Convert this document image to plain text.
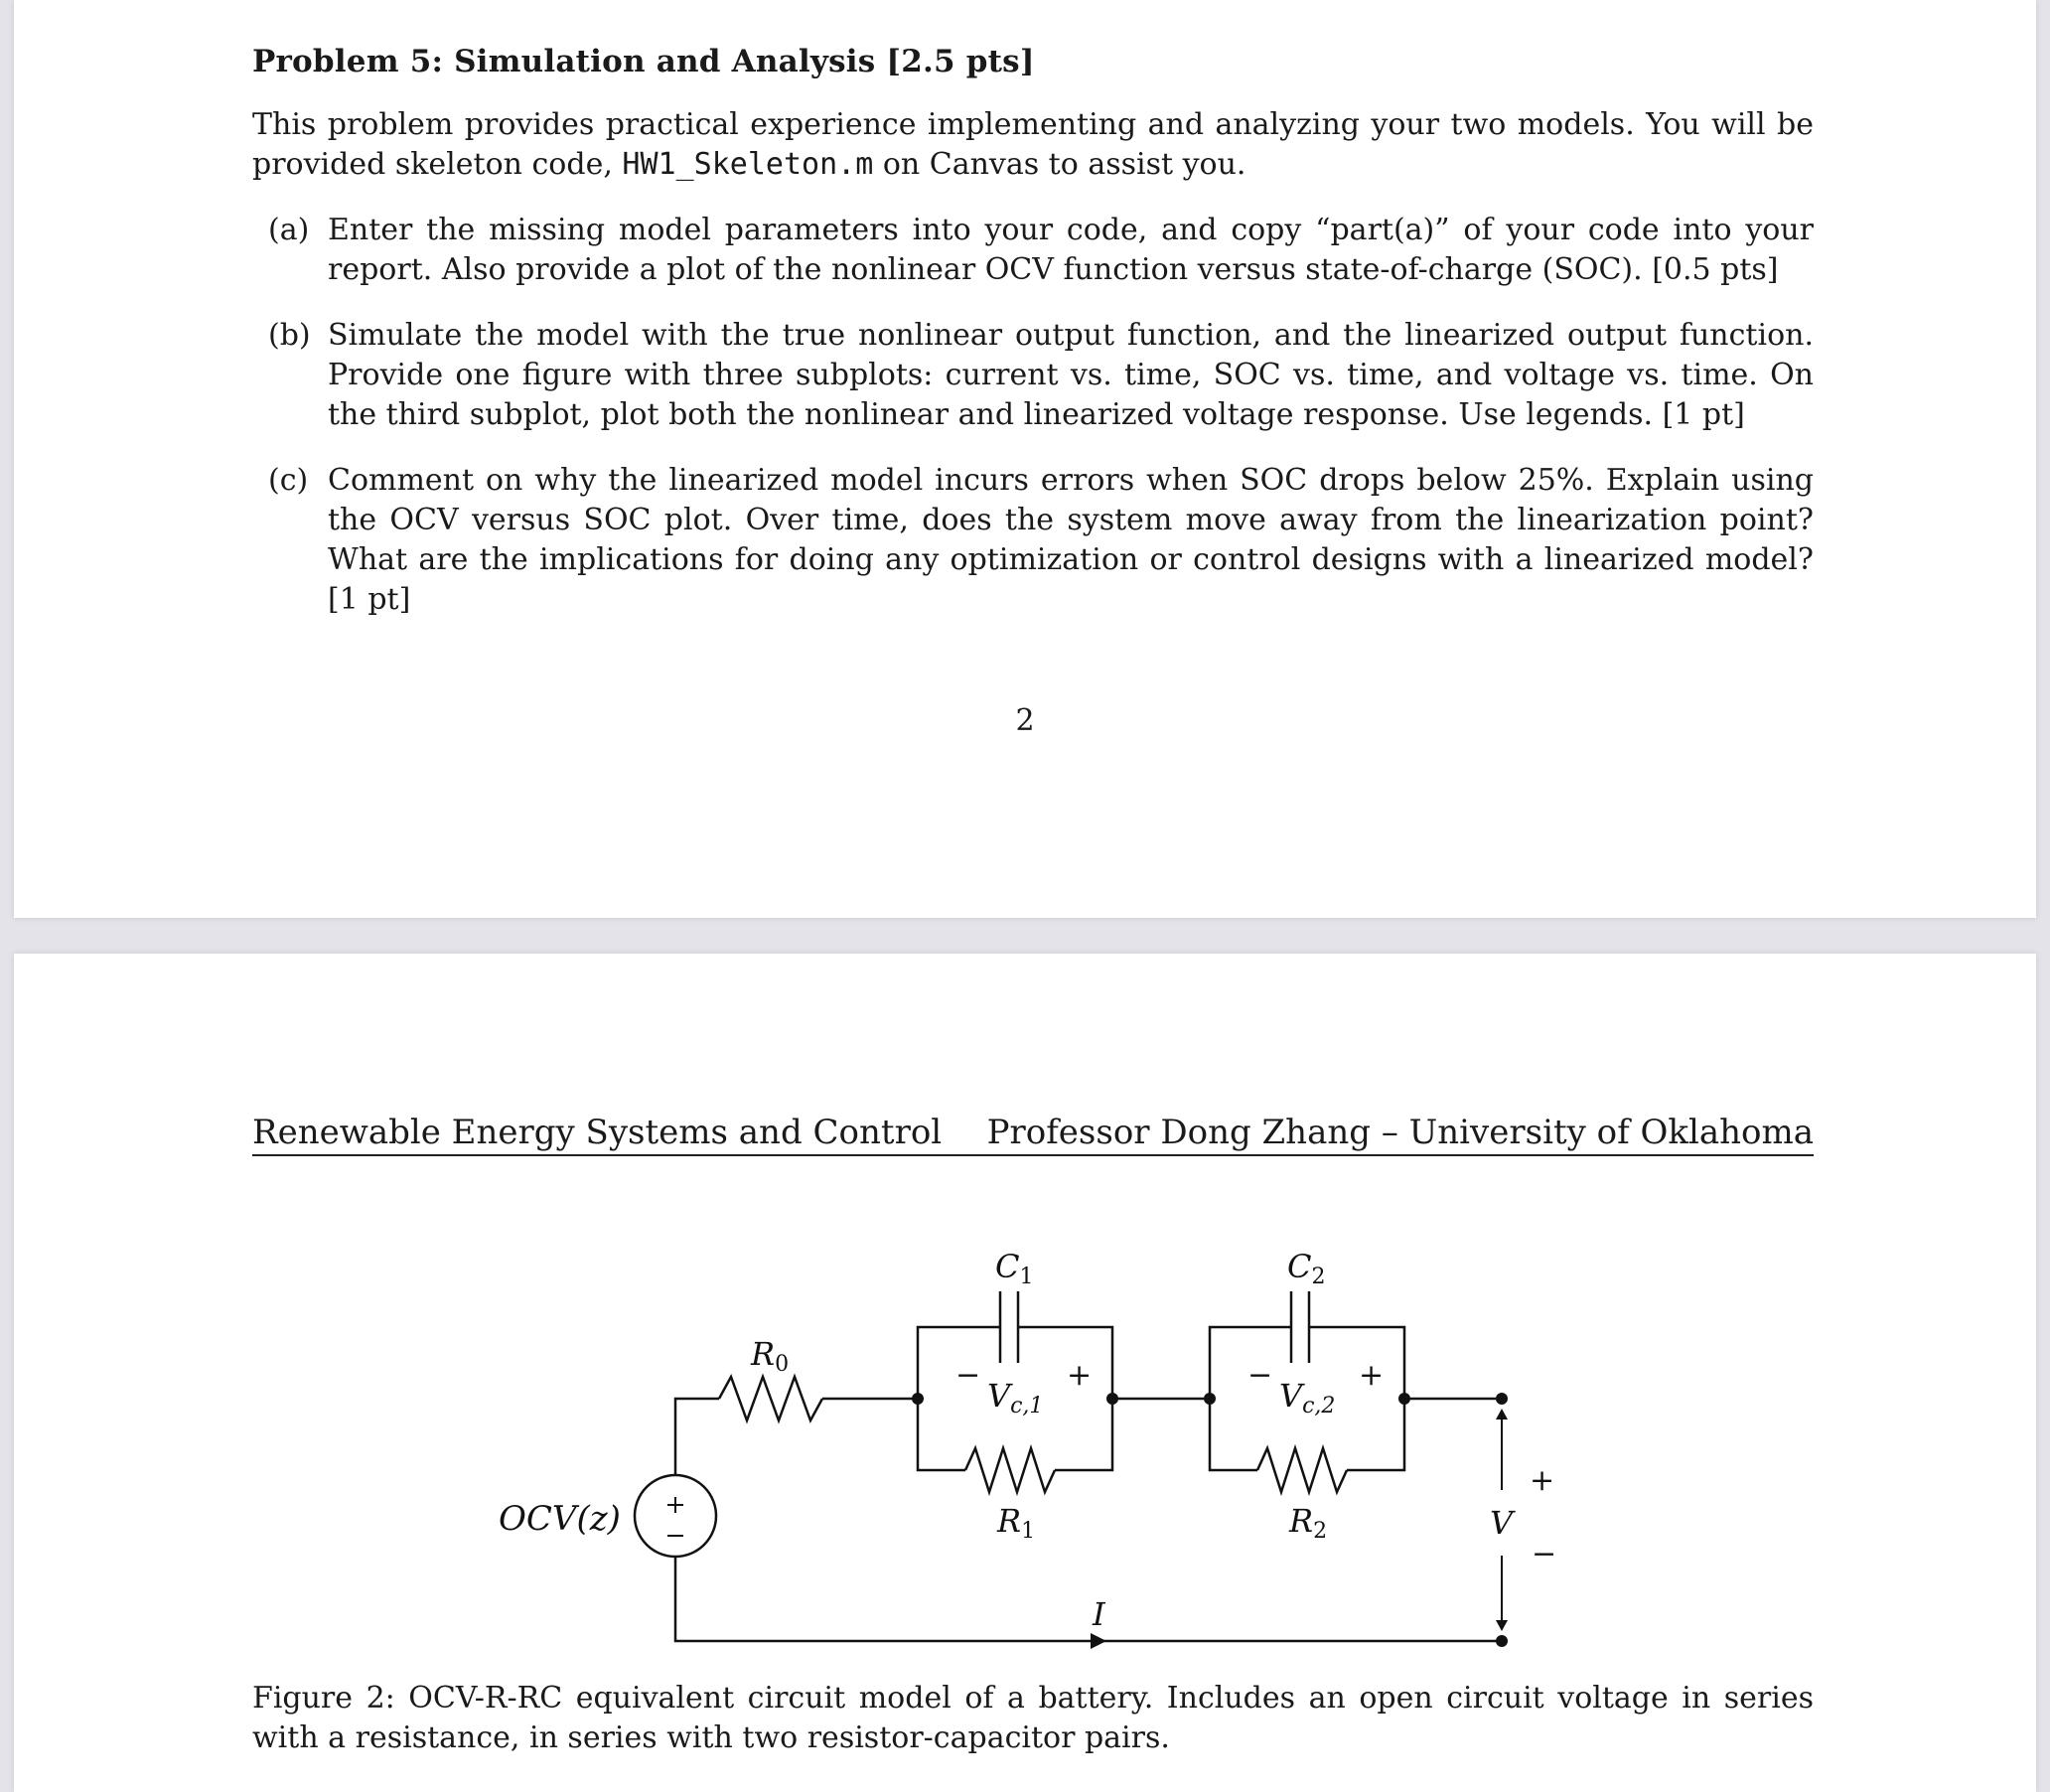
Problem 5: Simulation and Analysis [2.5 pts]
This problem provides practical experience implementing and analyzing your two models. You will be provided skeleton code, HW1_Skeleton.m on Canvas to assist you.
(a) Enter the missing model parameters into your code, and copy “part(a)” of your code into your report. Also provide a plot of the nonlinear OCV function versus state-of-charge (SOC). [0.5 pts]
(b) Simulate the model with the true nonlinear output function, and the linearized output function. Provide one figure with three subplots: current vs. time, SOC vs. time, and voltage vs. time. On the third subplot, plot both the nonlinear and linearized voltage response. Use legends. [1 pt]
(c) Comment on why the linearized model incurs errors when SOC drops below 25%. Explain using the OCV versus SOC plot. Over time, does the system move away from the linearization point? What are the implications for doing any optimization or control designs with a linearized model? [1 pt]
2
Renewable Energy Systems and Control Professor Dong Zhang – University of Oklahoma
OCV(z)
R0
C1	C2
−
Vc,1
+	−
Vc,2
+
R1	R2
+
V
−
I
Figure 2: OCV-R-RC equivalent circuit model of a battery. Includes an open circuit voltage in series with a resistance, in series with two resistor-capacitor pairs.
